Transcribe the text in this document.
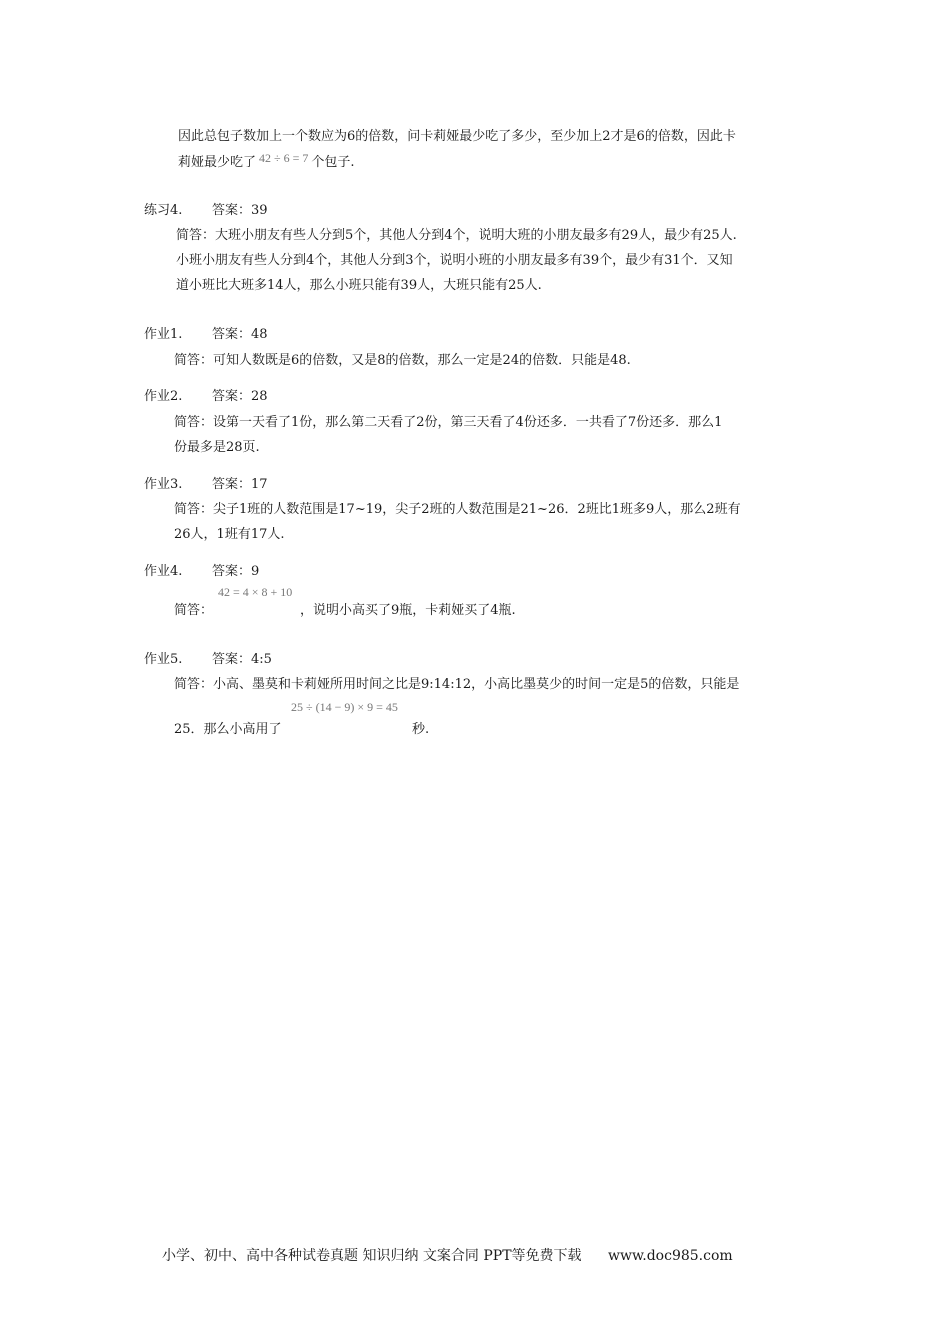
因此总包子数加上一个数应为6的倍数，问卡莉娅最少吃了多少，至少加上2才是6的倍数，因此卡
莉娅最少吃了 42 ÷ 6 = 7 个包子.
练习4. 答案：39
简答：大班小朋友有些人分到5个，其他人分到4个，说明大班的小朋友最多有29人，最少有25人.
小班小朋友有些人分到4个，其他人分到3个，说明小班的小朋友最多有39个，最少有31个．又知
道小班比大班多14人，那么小班只能有39人，大班只能有25人.
作业1. 答案：48
简答：可知人数既是6的倍数，又是8的倍数，那么一定是24的倍数．只能是48.
作业2. 答案：28
简答：设第一天看了1份，那么第二天看了2份，第三天看了4份还多．一共看了7份还多．那么1
份最多是28页.
作业3. 答案：17
简答：尖子1班的人数范围是17~19，尖子2班的人数范围是21~26．2班比1班多9人，那么2班有
26人，1班有17人.
作业4. 答案：9
42 = 4 × 8 + 10
简答：	，说明小高买了9瓶，卡莉娅买了4瓶.
作业5. 答案：4:5
简答：小高、墨莫和卡莉娅所用时间之比是9:14:12，小高比墨莫少的时间一定是5的倍数，只能是
25 ÷ (14 − 9) × 9 = 45
25．那么小高用了	秒.
小学、初中、高中各种试卷真题 知识归纳 文案合同 PPT等免费下载 www.doc985.com
